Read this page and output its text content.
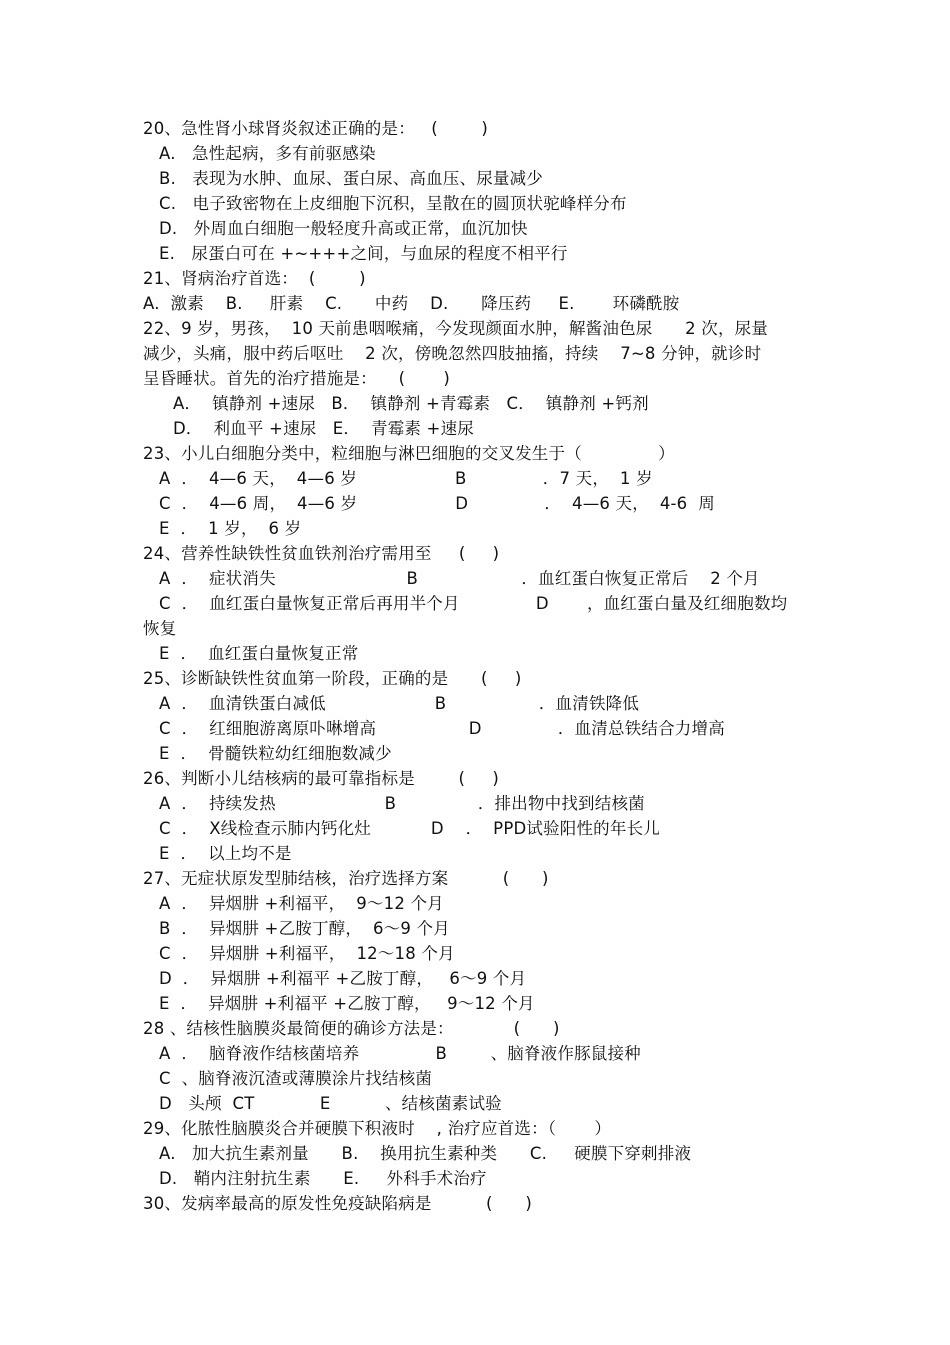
20、急性肾小球肾炎叙述正确的是：   (        )
A.   急性起病，多有前驱感染
B.   表现为水肿、血尿、蛋白尿、高血压、尿量减少
C.   电子致密物在上皮细胞下沉积，呈散在的圆顶状驼峰样分布
D.   外周血白细胞一般轻度升高或正常，血沉加快
E.   尿蛋白可在 +~+++之间，与血尿的程度不相平行
21、肾病治疗首选：  (        )
A.  激素    B.     肝素    C.      中药    D.      降压药     E.       环磷酰胺
22、9 岁，男孩，  10 天前患咽喉痛，今发现颜面水肿，解酱油色尿      2 次，尿量
减少，头痛，服中药后呕吐    2 次，傍晚忽然四肢抽搐，持续    7~8 分钟，就诊时
呈昏睡状。首先的治疗措施是：    (       )
A．  镇静剂 +速尿   B．  镇静剂 +青霉素   C．  镇静剂 +钙剂
D．  利血平 +速尿   E．  青霉素 +速尿
23、小儿白细胞分类中，粒细胞与淋巴细胞的交叉发生于（              ）
A  ．  4—6 天，  4—6 岁                  B              ．7 天，  1 岁
C  ．  4—6 周，  4—6 岁                  D              ．  4—6 天，  4-6  周
E  ．  1 岁，  6 岁
24、营养性缺铁性贫血铁剂治疗需用至     (     )
A  ．  症状消失                        B                   ．血红蛋白恢复正常后    2 个月
C  ．  血红蛋白量恢复正常后再用半个月              D       ，血红蛋白量及红细胞数均
恢复
E  ．  血红蛋白量恢复正常
25、诊断缺铁性贫血第一阶段，正确的是      (     )
A  ．  血清铁蛋白减低                    B                 ．血清铁降低
C  ．  红细胞游离原卟啉增高                 D              ．血清总铁结合力增高
E  ．  骨髓铁粒幼红细胞数减少
26、判断小儿结核病的最可靠指标是        (     )
A  ．  持续发热                    B               ．排出物中找到结核菌
C  ．  X线检查示肺内钙化灶           D    ．  PPD试验阳性的年长儿
E  ．  以上均不是
27、无症状原发型肺结核，治疗选择方案          (      )
A  ．  异烟肼 +利福平，  9～12 个月
B  ．  异烟肼 +乙胺丁醇，  6～9 个月
C  ．  异烟肼 +利福平，  12～18 个月
D  ．  异烟肼 +利福平 +乙胺丁醇，   6～9 个月
E  ．  异烟肼 +利福平 +乙胺丁醇，   9～12 个月
28 、结核性脑膜炎最简便的确诊方法是：           (      )
A  ．  脑脊液作结核菌培养              B        、脑脊液作豚鼠接种
C  、脑脊液沉渣或薄膜涂片找结核菌
D   头颅  CT            E          、结核菌素试验
29、化脓性脑膜炎合并硬膜下积液时    , 治疗应首选：（       ）
A.   加大抗生素剂量      B.    换用抗生素种类      C.     硬膜下穿刺排液
D.   鞘内注射抗生素      E.     外科手术治疗
30、发病率最高的原发性免疫缺陷病是          (      )
